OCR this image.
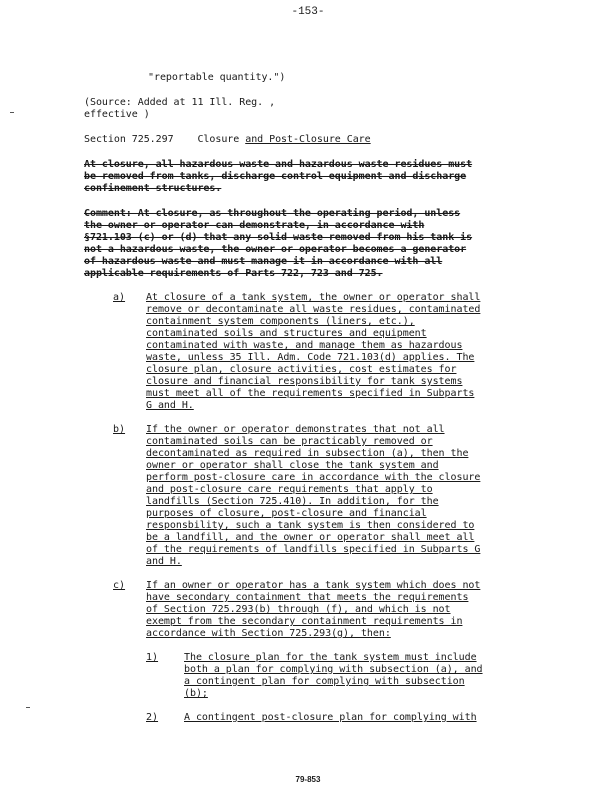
-153-
"reportable quantity.")
(Source: Added at 11 Ill. Reg. ,
effective )
Section 725.297 Closure and Post-Closure Care
At closure, all hazardous waste and hazardous waste residues must
be removed from tanks, discharge control equipment and discharge
confinement structures.
Comment: At closure, as throughout the operating period, unless
the owner or operator can demonstrate, in accordance with
§721.103 (c) or (d) that any solid waste removed from his tank is
not a hazardous waste, the owner or operator becomes a generator
of hazardous waste and must manage it in accordance with all
applicable requirements of Parts 722, 723 and 725.
a) At closure of a tank system, the owner or operator shall
remove or decontaminate all waste residues, contaminated
containment system components (liners, etc.),
contaminated soils and structures and equipment
contaminated with waste, and manage them as hazardous
waste, unless 35 Ill. Adm. Code 721.103(d) applies. The
closure plan, closure activities, cost estimates for
closure and financial responsibility for tank systems
must meet all of the requirements specified in Subparts
G and H.
b) If the owner or operator demonstrates that not all
contaminated soils can be practicably removed or
decontaminated as required in subsection (a), then the
owner or operator shall close the tank system and
perform post-closure care in accordance with the closure
and post-closure care requirements that apply to
landfills (Section 725.410). In addition, for the
purposes of closure, post-closure and financial
responsbility, such a tank system is then considered to
be a landfill, and the owner or operator shall meet all
of the requirements of landfills specified in Subparts G
and H.
c) If an owner or operator has a tank system which does not
have secondary containment that meets the requirements
of Section 725.293(b) through (f), and which is not
exempt from the secondary containment requirements in
accordance with Section 725.293(g), then:
1)	The closure plan for the tank system must include
both a plan for complying with subsection (a), and
a contingent plan for complying with subsection
(b);
2)	A contingent post-closure plan for complying with
79-853
